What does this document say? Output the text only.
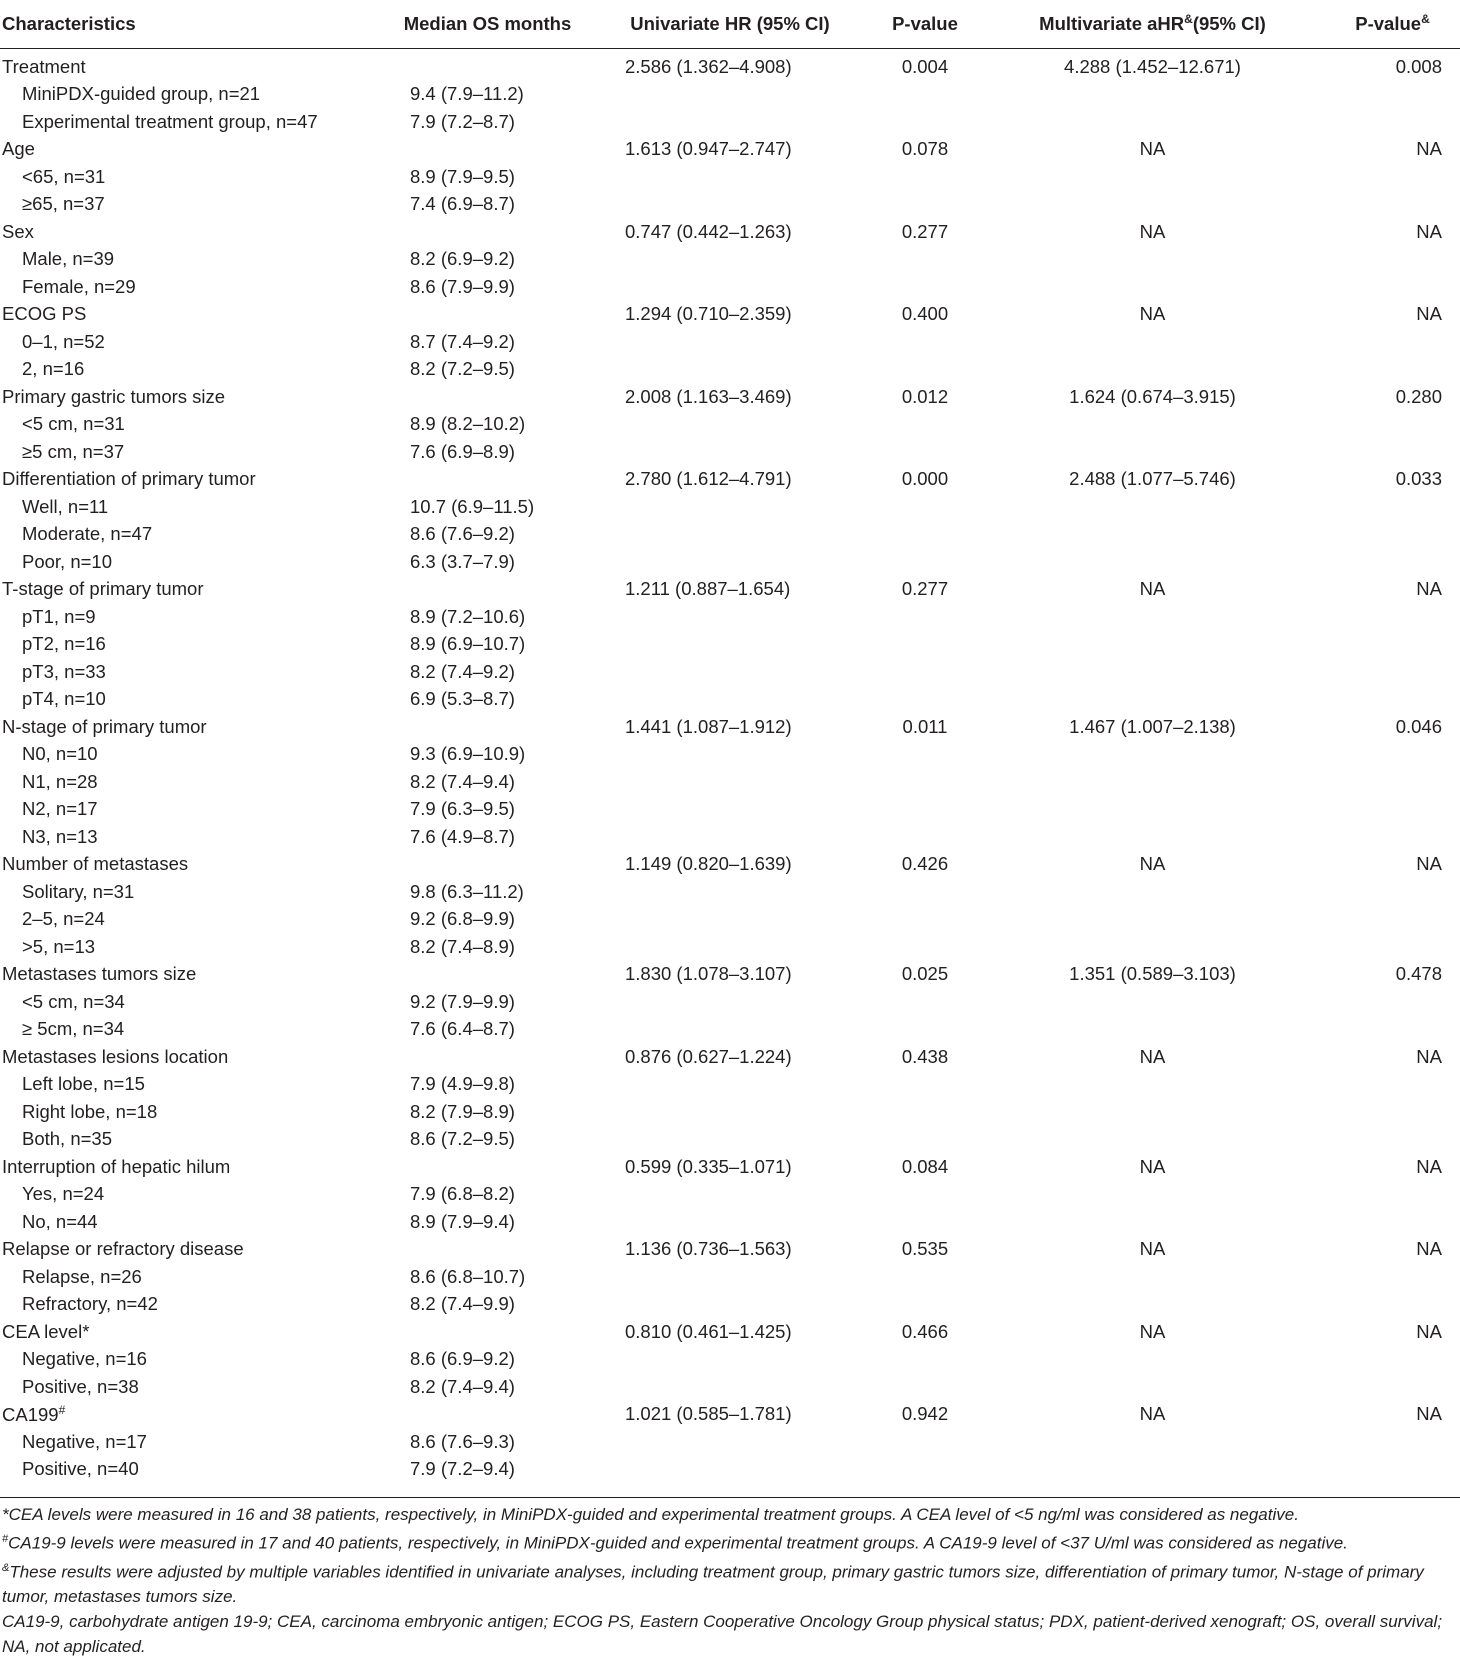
Characteristics	Median OS months	Univariate HR (95% CI)	P-value	Multivariate aHR&(95% CI)	P-value&
Treatment		2.586 (1.362–4.908)	0.004	4.288 (1.452–12.671)	0.008
MiniPDX-guided group, n=21	9.4 (7.9–11.2)				
Experimental treatment group, n=47	7.9 (7.2–8.7)				
Age		1.613 (0.947–2.747)	0.078	NA	NA
<65, n=31	8.9 (7.9–9.5)				
≥65, n=37	7.4 (6.9–8.7)				
Sex		0.747 (0.442–1.263)	0.277	NA	NA
Male, n=39	8.2 (6.9–9.2)				
Female, n=29	8.6 (7.9–9.9)				
ECOG PS		1.294 (0.710–2.359)	0.400	NA	NA
0–1, n=52	8.7 (7.4–9.2)				
2, n=16	8.2 (7.2–9.5)				
Primary gastric tumors size		2.008 (1.163–3.469)	0.012	1.624 (0.674–3.915)	0.280
<5 cm, n=31	8.9 (8.2–10.2)				
≥5 cm, n=37	7.6 (6.9–8.9)				
Differentiation of primary tumor		2.780 (1.612–4.791)	0.000	2.488 (1.077–5.746)	0.033
Well, n=11	10.7 (6.9–11.5)				
Moderate, n=47	8.6 (7.6–9.2)				
Poor, n=10	6.3 (3.7–7.9)				
T-stage of primary tumor		1.211 (0.887–1.654)	0.277	NA	NA
pT1, n=9	8.9 (7.2–10.6)				
pT2, n=16	8.9 (6.9–10.7)				
pT3, n=33	8.2 (7.4–9.2)				
pT4, n=10	6.9 (5.3–8.7)				
N-stage of primary tumor		1.441 (1.087–1.912)	0.011	1.467 (1.007–2.138)	0.046
N0, n=10	9.3 (6.9–10.9)				
N1, n=28	8.2 (7.4–9.4)				
N2, n=17	7.9 (6.3–9.5)				
N3, n=13	7.6 (4.9–8.7)				
Number of metastases		1.149 (0.820–1.639)	0.426	NA	NA
Solitary, n=31	9.8 (6.3–11.2)				
2–5, n=24	9.2 (6.8–9.9)				
>5, n=13	8.2 (7.4–8.9)				
Metastases tumors size		1.830 (1.078–3.107)	0.025	1.351 (0.589–3.103)	0.478
<5 cm, n=34	9.2 (7.9–9.9)				
≥ 5cm, n=34	7.6 (6.4–8.7)				
Metastases lesions location		0.876 (0.627–1.224)	0.438	NA	NA
Left lobe, n=15	7.9 (4.9–9.8)				
Right lobe, n=18	8.2 (7.9–8.9)				
Both, n=35	8.6 (7.2–9.5)				
Interruption of hepatic hilum		0.599 (0.335–1.071)	0.084	NA	NA
Yes, n=24	7.9 (6.8–8.2)				
No, n=44	8.9 (7.9–9.4)				
Relapse or refractory disease		1.136 (0.736–1.563)	0.535	NA	NA
Relapse, n=26	8.6 (6.8–10.7)				
Refractory, n=42	8.2 (7.4–9.9)				
CEA level*		0.810 (0.461–1.425)	0.466	NA	NA
Negative, n=16	8.6 (6.9–9.2)				
Positive, n=38	8.2 (7.4–9.4)				
CA199#		1.021 (0.585–1.781)	0.942	NA	NA
Negative, n=17	8.6 (7.6–9.3)				
Positive, n=40	7.9 (7.2–9.4)				

*CEA levels were measured in 16 and 38 patients, respectively, in MiniPDX-guided and experimental treatment groups. A CEA level of <5 ng/ml was considered as negative.

#CA19-9 levels were measured in 17 and 40 patients, respectively, in MiniPDX-guided and experimental treatment groups. A CA19-9 level of <37 U/ml was considered as negative.

&These results were adjusted by multiple variables identified in univariate analyses, including treatment group, primary gastric tumors size, differentiation of primary tumor, N-stage of primary tumor, metastases tumors size.

CA19-9, carbohydrate antigen 19-9; CEA, carcinoma embryonic antigen; ECOG PS, Eastern Cooperative Oncology Group physical status; PDX, patient-derived xenograft; OS, overall survival; NA, not applicated.
